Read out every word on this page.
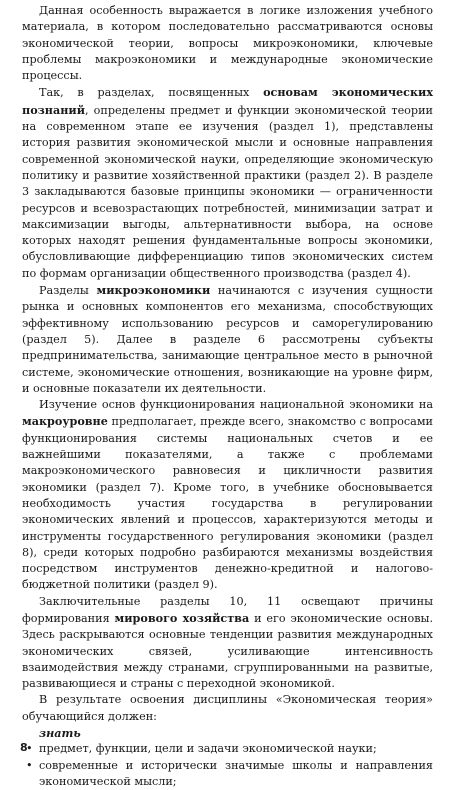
Данная особенность выражается в логике изложения учебного материала, в котором последовательно рассматриваются основы экономической теории, вопросы микроэкономики, ключевые проблемы макроэкономики и международные экономические процессы.

Так, в разделах, посвященных основам экономических познаний, определены предмет и функции экономической теории на современном этапе ее изучения (раздел 1), представлены история развития экономической мысли и основные направления современной экономической науки, определяющие экономическую политику и развитие хозяйственной практики (раздел 2). В разделе 3 закладываются базовые принципы экономики — ограниченности ресурсов и всевозрастающих потребностей, минимизации затрат и максимизации выгоды, альтернативности выбора, на основе которых находят решения фундаментальные вопросы экономики, обусловливающие дифференциацию типов экономических систем по формам организации общественного производства (раздел 4).

Разделы микроэкономики начинаются с изучения сущности рынка и основных компонентов его механизма, способствующих эффективному использованию ресурсов и саморегулированию (раздел 5). Далее в разделе 6 рассмотрены субъекты предпринимательства, занимающие центральное место в рыночной системе, экономические отношения, возникающие на уровне фирм, и основные показатели их деятельности.

Изучение основ функционирования национальной экономики на макроуровне предполагает, прежде всего, знакомство с вопросами функционирования системы национальных счетов и ее важнейшими показателями, а также с проблемами макроэкономического равновесия и цикличности развития экономики (раздел 7). Кроме того, в учебнике обосновывается необходимость участия государства в регулировании экономических явлений и процессов, характеризуются методы и инструменты государственного регулирования экономики (раздел 8), среди которых подробно разбираются механизмы воздействия посредством инструментов денежно-кредитной и налогово-бюджетной политики (раздел 9).

Заключительные разделы 10, 11 освещают причины формирования мирового хозяйства и его экономические основы. Здесь раскрываются основные тенденции развития международных экономических связей, усиливающие интенсивность взаимодействия между странами, сгруппированными на развитые, развивающиеся и страны с переходной экономикой.

В результате освоения дисциплины «Экономическая теория» обучающийся должен:

знать
• предмет, функции, цели и задачи экономической науки;
• современные и исторически значимые школы и направления экономической мысли;
8
